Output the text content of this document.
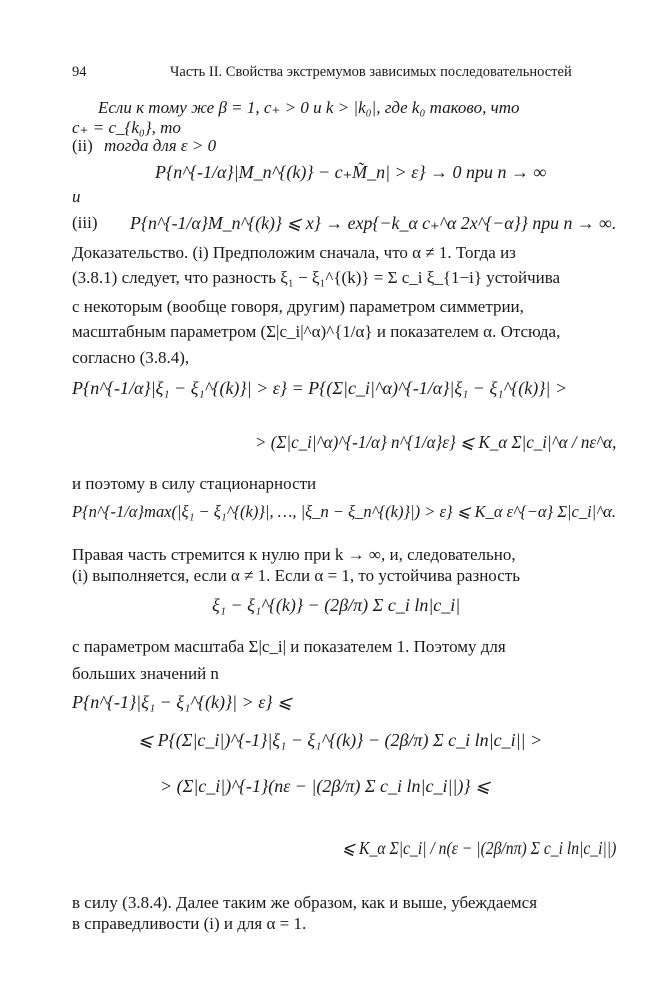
94	Часть II. Свойства экстремумов зависимых последовательностей
Если к тому же β = 1, c₊ > 0 и k > |k₀|, где k₀ таково, что
c₊ = c_{k₀}, то
(ii) тогда для ε > 0
P{n^{-1/α}|M_n^{(k)} − c₊M̃_n| > ε} → 0 при n → ∞
и
(iii) P{n^{-1/α}M_n^{(k)} ⩽ x} → exp{−k_α c₊^α 2x^{−α}} при n → ∞.
Доказательство. (i) Предположим сначала, что α ≠ 1. Тогда из
(3.8.1) следует, что разность ξ₁ − ξ₁^{(k)} = Σ c_i ξ_{1−i} устойчива
с некоторым (вообще говоря, другим) параметром симметрии,
масштабным параметром (Σ|c_i|^α)^{1/α} и показателем α. Отсюда,
согласно (3.8.4),
P{n^{-1/α}|ξ₁ − ξ₁^{(k)}| > ε} = P{(Σ|c_i|^α)^{-1/α}|ξ₁ − ξ₁^{(k)}| >
> (Σ|c_i|^α)^{-1/α} n^{1/α}ε} ⩽ K_α Σ|c_i|^α / nε^α,
и поэтому в силу стационарности
P{n^{-1/α}max(|ξ₁ − ξ₁^{(k)}|, …, |ξ_n − ξ_n^{(k)}|) > ε} ⩽ K_α ε^{−α} Σ|c_i|^α.
Правая часть стремится к нулю при k → ∞, и, следовательно,
(i) выполняется, если α ≠ 1. Если α = 1, то устойчива разность
ξ₁ − ξ₁^{(k)} − (2β/π) Σ c_i ln|c_i|
с параметром масштаба Σ|c_i| и показателем 1. Поэтому для
больших значений n
P{n^{-1}|ξ₁ − ξ₁^{(k)}| > ε} ⩽
⩽ P{(Σ|c_i|)^{-1}|ξ₁ − ξ₁^{(k)} − (2β/π) Σ c_i ln|c_i|| >
> (Σ|c_i|)^{-1}(nε − |(2β/π) Σ c_i ln|c_i||)} ⩽
⩽ K_α Σ|c_i| / n(ε − |(2β/nπ) Σ c_i ln|c_i||)
в силу (3.8.4). Далее таким же образом, как и выше, убеждаемся
в справедливости (i) и для α = 1.
